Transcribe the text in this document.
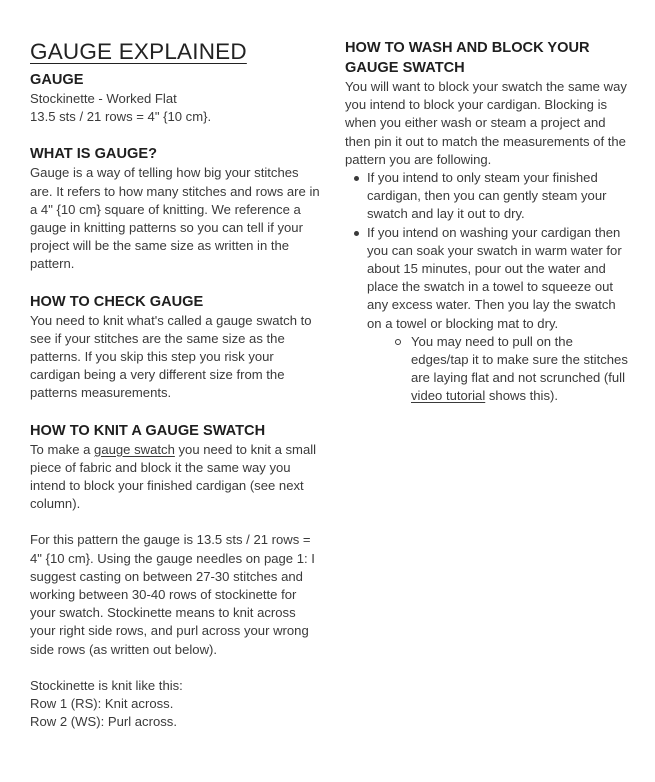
GAUGE EXPLAINED
GAUGE

Stockinette - Worked Flat

13.5 sts / 21 rows = 4" {10 cm}.

WHAT IS GAUGE?

Gauge is a way of telling how big your stitches are. It refers to how many stitches and rows are in a 4" {10 cm} square of knitting. We reference a gauge in knitting patterns so you can tell if your project will be the same size as written in the pattern.

HOW TO CHECK GAUGE

You need to knit what's called a gauge swatch to see if your stitches are the same size as the patterns. If you skip this step you risk your cardigan being a very different size from the patterns measurements.

HOW TO KNIT A GAUGE SWATCH

To make a gauge swatch you need to knit a small piece of fabric and block it the same way you intend to block your finished cardigan (see next column).

For this pattern the gauge is 13.5 sts / 21 rows = 4" {10 cm}. Using the gauge needles on page 1: I suggest casting on between 27-30 stitches and working between 30-40 rows of stockinette for your swatch. Stockinette means to knit across your right side rows, and purl across your wrong side rows (as written out below).

Stockinette is knit like this:

Row 1 (RS): Knit across.

Row 2 (WS): Purl across.

HOW TO WASH AND BLOCK YOUR GAUGE SWATCH

You will want to block your swatch the same way you intend to block your cardigan. Blocking is when you either wash or steam a project and then pin it out to match the measurements of the pattern you are following.

If you intend to only steam your finished cardigan, then you can gently steam your swatch and lay it out to dry.
If you intend on washing your cardigan then you can soak your swatch in warm water for about 15 minutes, pour out the water and place the swatch in a towel to squeeze out any excess water. Then you lay the swatch on a towel or blocking mat to dry.
You may need to pull on the edges/tap it to make sure the stitches are laying flat and not scrunched (full video tutorial shows this).
